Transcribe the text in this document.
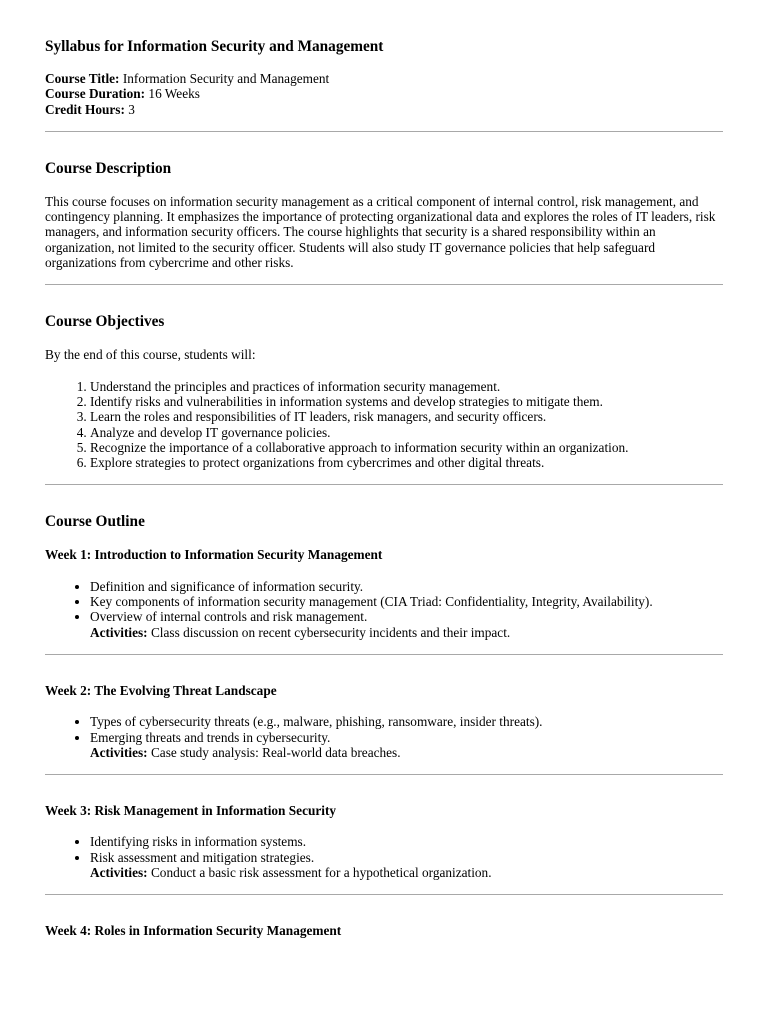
Syllabus for Information Security and Management

Course Title: Information Security and Management

Course Duration: 16 Weeks

Credit Hours: 3

Course Description

This course focuses on information security management as a critical component of internal control, risk management, and contingency planning. It emphasizes the importance of protecting organizational data and explores the roles of IT leaders, risk managers, and information security officers. The course highlights that security is a shared responsibility within an organization, not limited to the security officer. Students will also study IT governance policies that help safeguard organizations from cybercrime and other risks.

Course Objectives

By the end of this course, students will:

1. Understand the principles and practices of information security management.
2. Identify risks and vulnerabilities in information systems and develop strategies to mitigate them.
3. Learn the roles and responsibilities of IT leaders, risk managers, and security officers.
4. Analyze and develop IT governance policies.
5. Recognize the importance of a collaborative approach to information security within an organization.
6. Explore strategies to protect organizations from cybercrimes and other digital threats.
Course Outline
Week 1: Introduction to Information Security Management
• Definition and significance of information security.
• Key components of information security management (CIA Triad: Confidentiality, Integrity, Availability).
• Overview of internal controls and risk management.
Activities: Class discussion on recent cybersecurity incidents and their impact.
Week 2: The Evolving Threat Landscape
• Types of cybersecurity threats (e.g., malware, phishing, ransomware, insider threats).
• Emerging threats and trends in cybersecurity.
Activities: Case study analysis: Real-world data breaches.
Week 3: Risk Management in Information Security
• Identifying risks in information systems.
• Risk assessment and mitigation strategies.
Activities: Conduct a basic risk assessment for a hypothetical organization.
Week 4: Roles in Information Security Management
